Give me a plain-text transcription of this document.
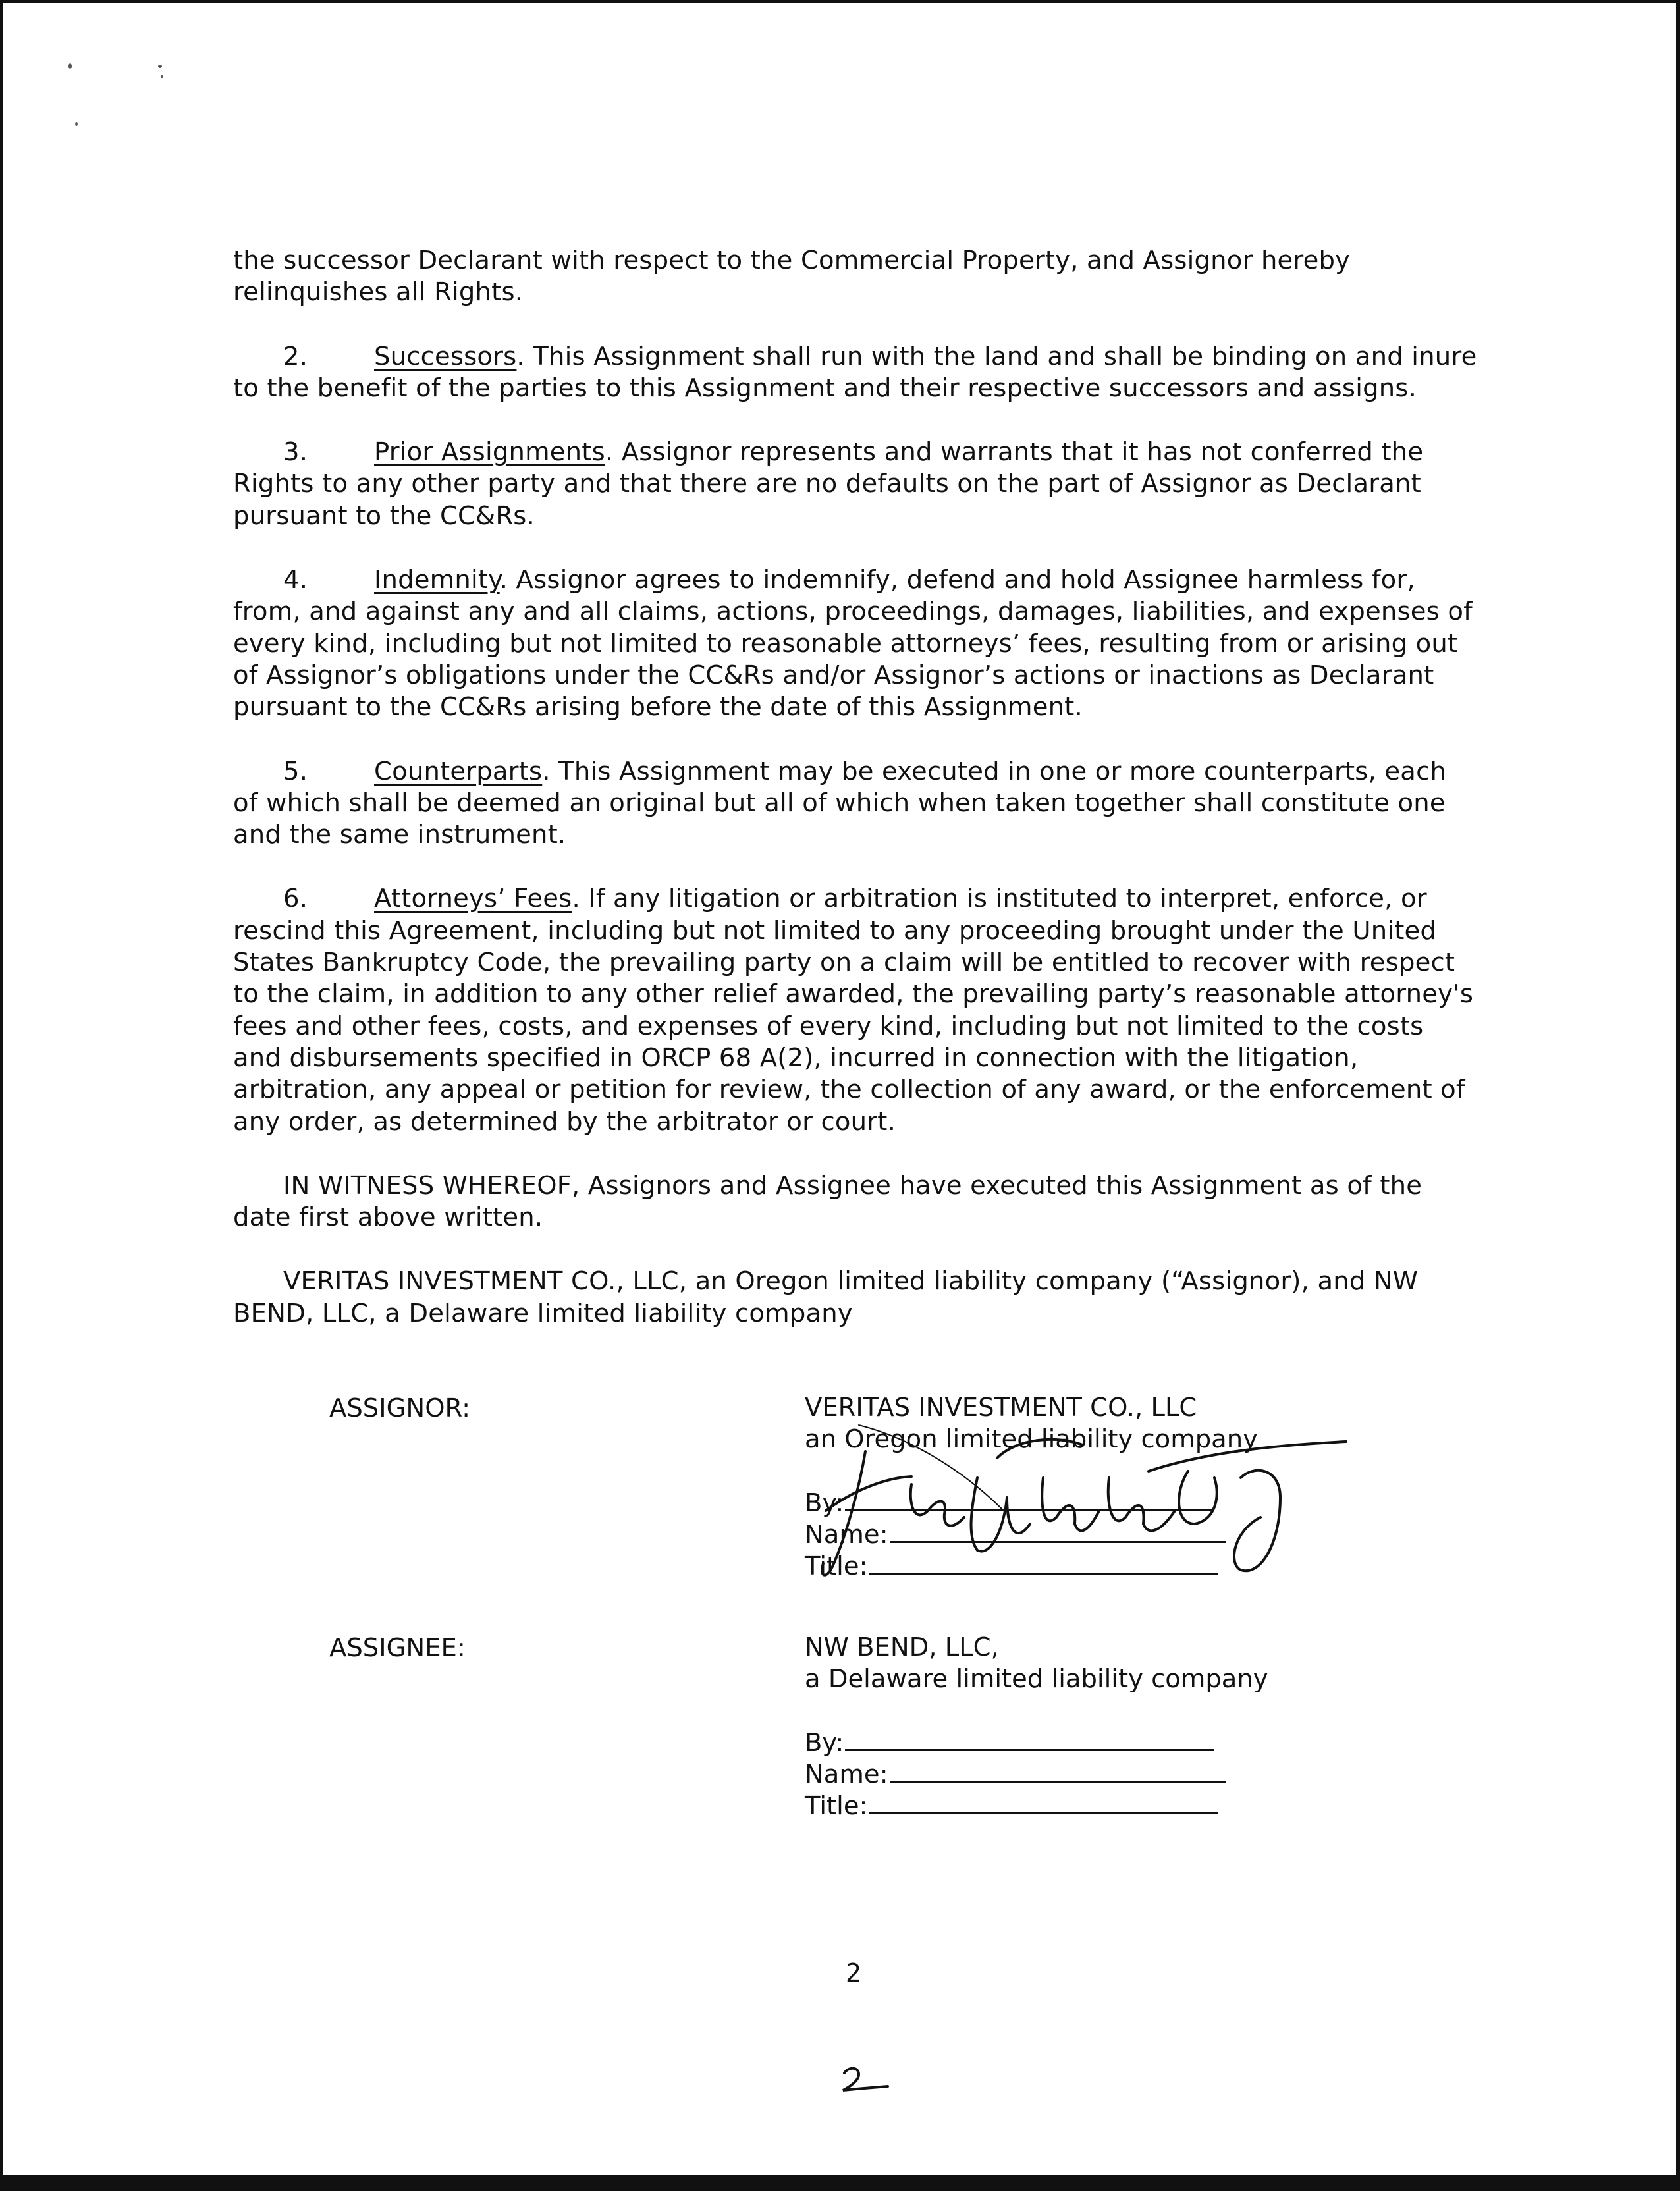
the successor Declarant with respect to the Commercial Property, and Assignor hereby relinquishes all Rights.

2.	Successors. This Assignment shall run with the land and shall be binding on and inure to the benefit of the parties to this Assignment and their respective successors and assigns.

3.	Prior Assignments. Assignor represents and warrants that it has not conferred the Rights to any other party and that there are no defaults on the part of Assignor as Declarant pursuant to the CC&Rs.

4.	Indemnity. Assignor agrees to indemnify, defend and hold Assignee harmless for, from, and against any and all claims, actions, proceedings, damages, liabilities, and expenses of every kind, including but not limited to reasonable attorneys’ fees, resulting from or arising out of Assignor’s obligations under the CC&Rs and/or Assignor’s actions or inactions as Declarant pursuant to the CC&Rs arising before the date of this Assignment.

5.	Counterparts. This Assignment may be executed in one or more counterparts, each of which shall be deemed an original but all of which when taken together shall constitute one and the same instrument.

6.	Attorneys’ Fees. If any litigation or arbitration is instituted to interpret, enforce, or rescind this Agreement, including but not limited to any proceeding brought under the United States Bankruptcy Code, the prevailing party on a claim will be entitled to recover with respect to the claim, in addition to any other relief awarded, the prevailing party’s reasonable attorney's fees and other fees, costs, and expenses of every kind, including but not limited to the costs and disbursements specified in ORCP 68 A(2), incurred in connection with the litigation, arbitration, any appeal or petition for review, the collection of any award, or the enforcement of any order, as determined by the arbitrator or court.

IN WITNESS WHEREOF, Assignors and Assignee have executed this Assignment as of the date first above written.

VERITAS INVESTMENT CO., LLC, an Oregon limited liability company (“Assignor), and NW BEND, LLC, a Delaware limited liability company

ASSIGNOR:	VERITAS INVESTMENT CO., LLC
an Oregon limited liability company
By:
Name:
Title:
ASSIGNEE:	NW BEND, LLC,
a Delaware limited liability company
By:
Name:
Title:
2
